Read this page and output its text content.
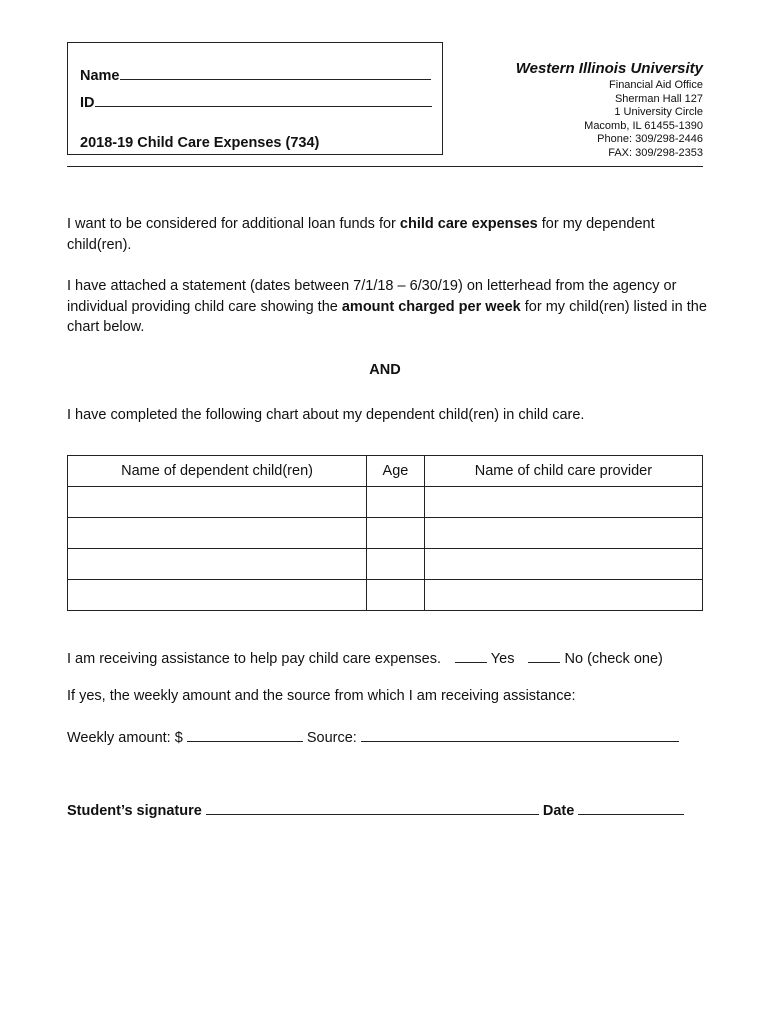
Name
ID
2018-19 Child Care Expenses (734)
Western Illinois University
Financial Aid Office
Sherman Hall 127
1 University Circle
Macomb, IL 61455-1390
Phone: 309/298-2446
FAX: 309/298-2353
I want to be considered for additional loan funds for child care expenses for my dependent child(ren).
I have attached a statement (dates between 7/1/18 – 6/30/19) on letterhead from the agency or individual providing child care showing the amount charged per week for my child(ren) listed in the chart below.
AND
I have completed the following chart about my dependent child(ren) in child care.
Name of dependent child(ren)	Age	Name of child care provider

I am receiving assistance to help pay child care expenses.	Yes	No (check one)
If yes, the weekly amount and the source from which I am receiving assistance:
Weekly amount: $	Source:
Student’s signature	Date
